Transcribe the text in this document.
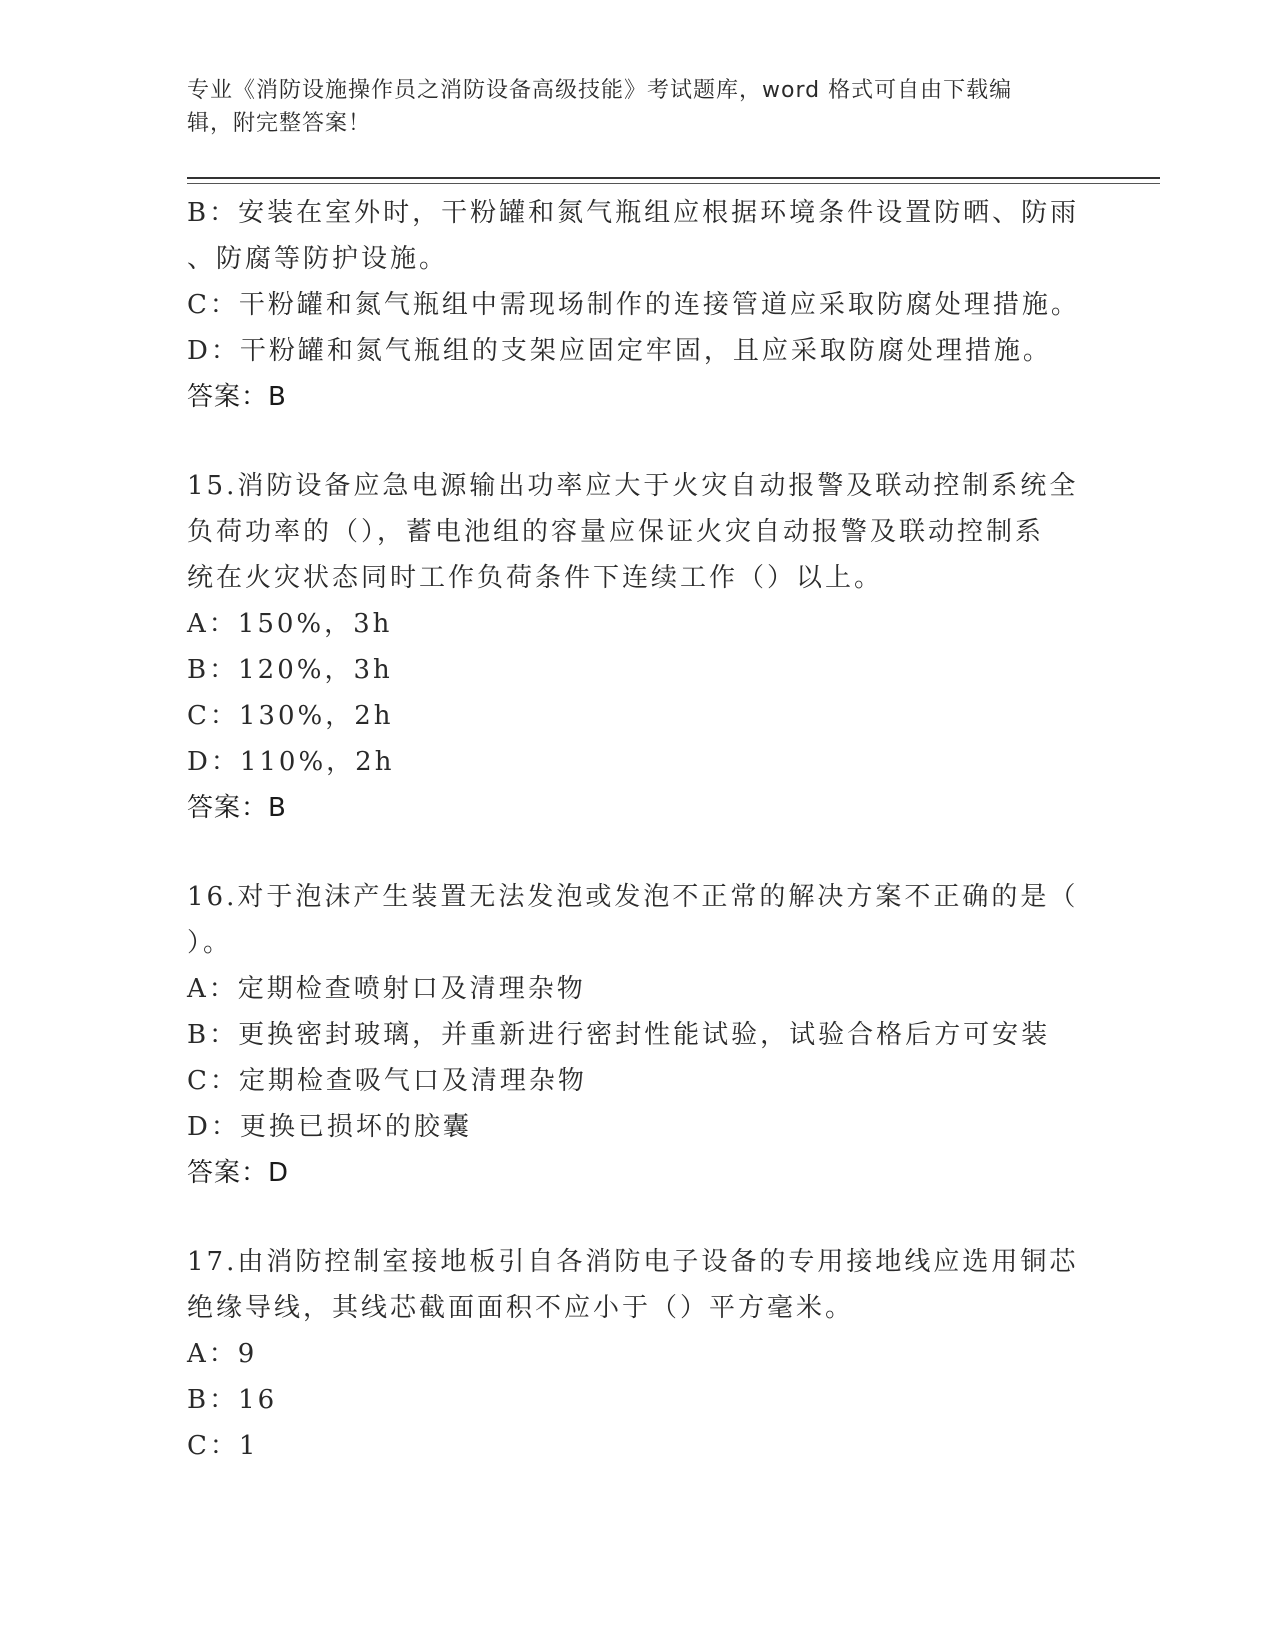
专业《消防设施操作员之消防设备高级技能》考试题库，word 格式可自由下载编
辑，附完整答案！
B：安装在室外时，干粉罐和氮气瓶组应根据环境条件设置防晒、防雨
、防腐等防护设施。
C：干粉罐和氮气瓶组中需现场制作的连接管道应采取防腐处理措施。
D：干粉罐和氮气瓶组的支架应固定牢固，且应采取防腐处理措施。
答案：B
15.消防设备应急电源输出功率应大于火灾自动报警及联动控制系统全
负荷功率的（），蓄电池组的容量应保证火灾自动报警及联动控制系
统在火灾状态同时工作负荷条件下连续工作（）以上。
A：150%，3h
B：120%，3h
C：130%，2h
D：110%，2h
答案：B
16.对于泡沫产生装置无法发泡或发泡不正常的解决方案不正确的是（
）。
A：定期检查喷射口及清理杂物
B：更换密封玻璃，并重新进行密封性能试验，试验合格后方可安装
C：定期检查吸气口及清理杂物
D：更换已损坏的胶囊
答案：D
17.由消防控制室接地板引自各消防电子设备的专用接地线应选用铜芯
绝缘导线，其线芯截面面积不应小于（）平方毫米。
A：9
B：16
C：1
